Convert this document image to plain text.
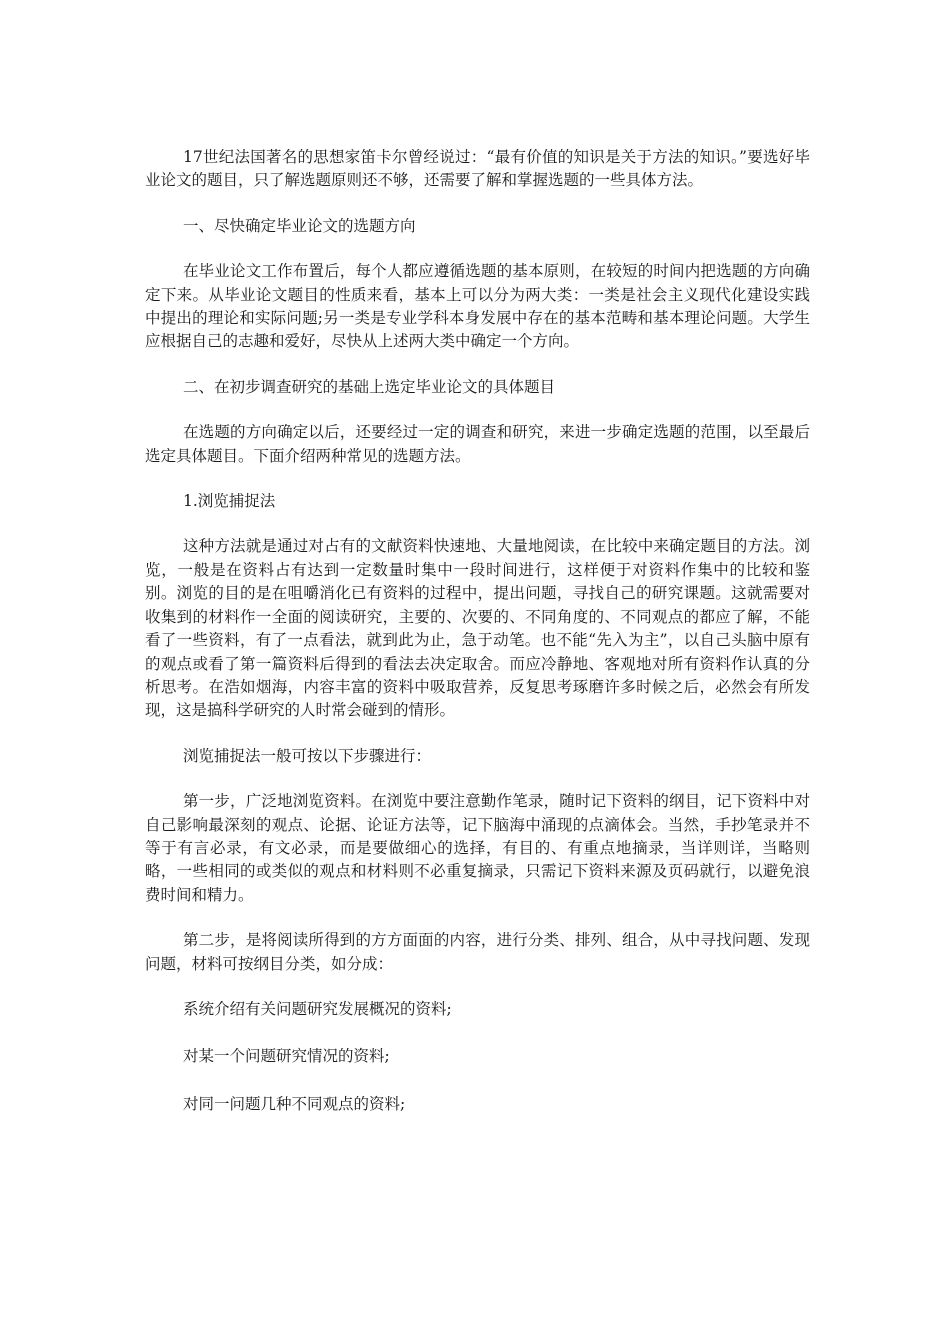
17世纪法国著名的思想家笛卡尔曾经说过：“最有价值的知识是关于方法的知识。”要选好毕业论文的题目，只了解选题原则还不够，还需要了解和掌握选题的一些具体方法。

一、尽快确定毕业论文的选题方向

在毕业论文工作布置后，每个人都应遵循选题的基本原则，在较短的时间内把选题的方向确定下来。从毕业论文题目的性质来看，基本上可以分为两大类：一类是社会主义现代化建设实践中提出的理论和实际问题;另一类是专业学科本身发展中存在的基本范畴和基本理论问题。大学生应根据自己的志趣和爱好，尽快从上述两大类中确定一个方向。

二、在初步调查研究的基础上选定毕业论文的具体题目

在选题的方向确定以后，还要经过一定的调查和研究，来进一步确定选题的范围，以至最后选定具体题目。下面介绍两种常见的选题方法。

1.浏览捕捉法

这种方法就是通过对占有的文献资料快速地、大量地阅读，在比较中来确定题目的方法。浏览，一般是在资料占有达到一定数量时集中一段时间进行，这样便于对资料作集中的比较和鉴别。浏览的目的是在咀嚼消化已有资料的过程中，提出问题，寻找自己的研究课题。这就需要对收集到的材料作一全面的阅读研究，主要的、次要的、不同角度的、不同观点的都应了解，不能看了一些资料，有了一点看法，就到此为止，急于动笔。也不能“先入为主”，以自己头脑中原有的观点或看了第一篇资料后得到的看法去决定取舍。而应冷静地、客观地对所有资料作认真的分析思考。在浩如烟海，内容丰富的资料中吸取营养，反复思考琢磨许多时候之后，必然会有所发现，这是搞科学研究的人时常会碰到的情形。

浏览捕捉法一般可按以下步骤进行：

第一步，广泛地浏览资料。在浏览中要注意勤作笔录，随时记下资料的纲目，记下资料中对自己影响最深刻的观点、论据、论证方法等，记下脑海中涌现的点滴体会。当然，手抄笔录并不等于有言必录，有文必录，而是要做细心的选择，有目的、有重点地摘录，当详则详，当略则略，一些相同的或类似的观点和材料则不必重复摘录，只需记下资料来源及页码就行，以避免浪费时间和精力。

第二步，是将阅读所得到的方方面面的内容，进行分类、排列、组合，从中寻找问题、发现问题，材料可按纲目分类，如分成：

系统介绍有关问题研究发展概况的资料;

对某一个问题研究情况的资料;

对同一问题几种不同观点的资料;
